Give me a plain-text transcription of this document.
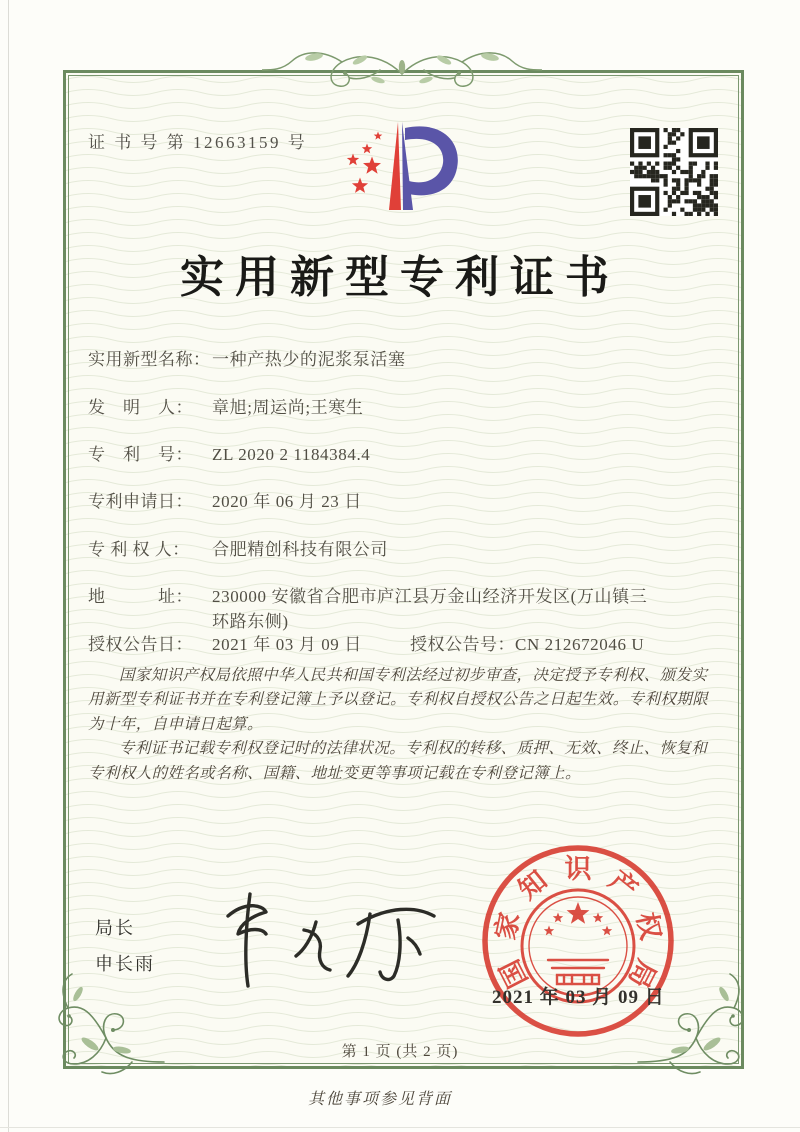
证 书 号 第 12663159 号
实用新型专利证书
实用新型名称： 一种产热少的泥浆泵活塞
发　明　人：	章旭;周运尚;王寒生
专　利　号：	ZL 2020 2 1184384.4
专利申请日：	2020 年 06 月 23 日
专 利 权 人：	合肥精创科技有限公司
地　　　址：	230000 安徽省合肥市庐江县万金山经济开发区(万山镇三环路东侧)
授权公告日：	2021 年 03 月 09 日	授权公告号： CN 212672046 U

国家知识产权局依照中华人民共和国专利法经过初步审查，决定授予专利权、颁发实用新型专利证书并在专利登记簿上予以登记。专利权自授权公告之日起生效。专利权期限为十年，自申请日起算。

专利证书记载专利权登记时的法律状况。专利权的转移、质押、无效、终止、恢复和专利权人的姓名或名称、国籍、地址变更等事项记载在专利登记簿上。

局长
申长雨	国
家
知 识 产
权
局
2021 年 03 月 09 日
第 1 页 (共 2 页)
其他事项参见背面
